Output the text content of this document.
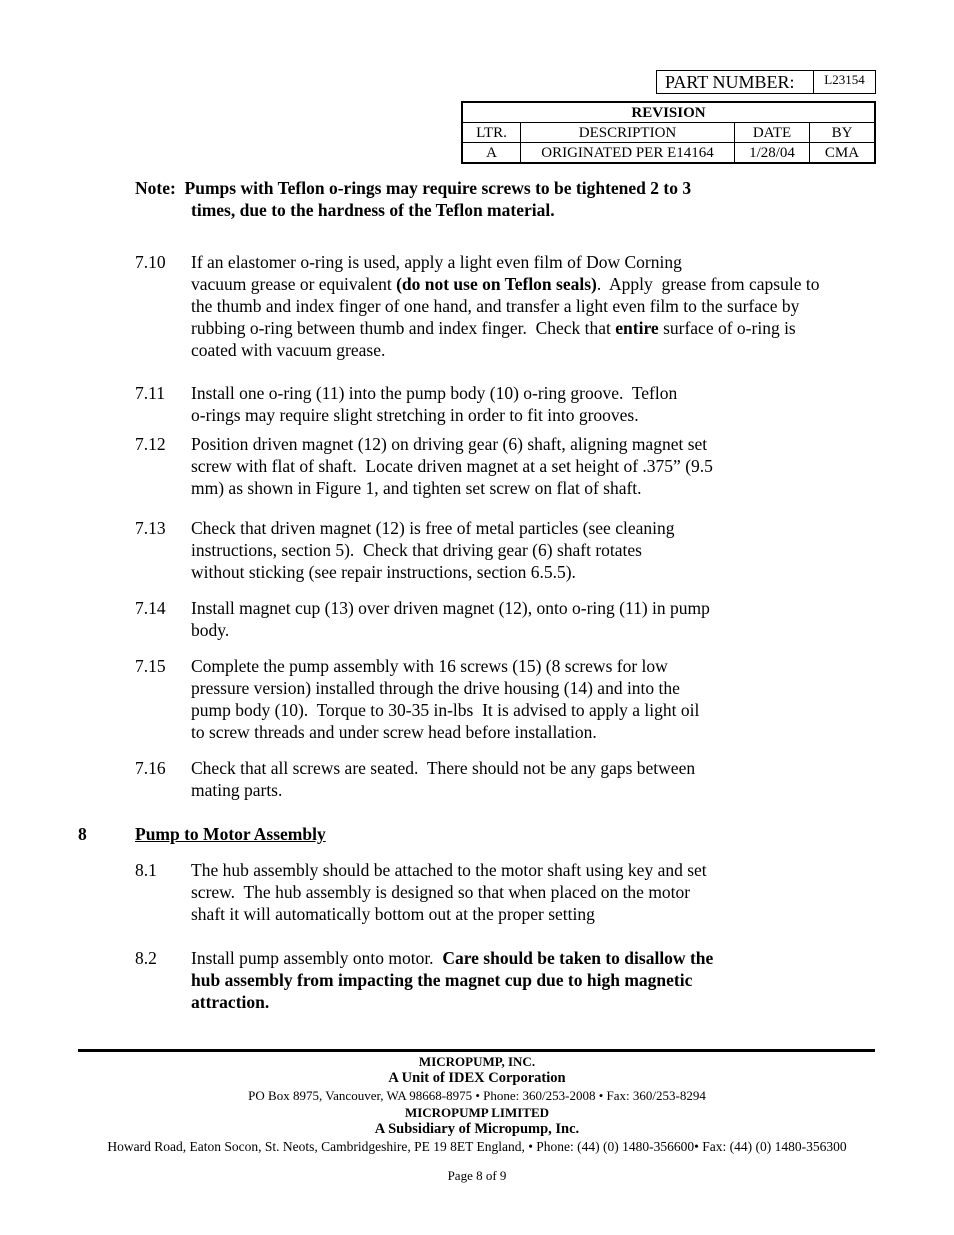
PART NUMBER:	L23154
REVISION			
LTR.	DESCRIPTION	DATE	BY
A	ORIGINATED PER E14164	1/28/04	CMA
Note:  Pumps with Teflon o-rings may require screws to be tightened 2 to 3
times, due to the hardness of the Teflon material.
7.10 If an elastomer o-ring is used, apply a light even film of Dow Corning
vacuum grease or equivalent (do not use on Teflon seals).  Apply  grease from capsule to
the thumb and index finger of one hand, and transfer a light even film to the surface by
rubbing o-ring between thumb and index finger.  Check that entire surface of o-ring is
coated with vacuum grease.
7.11 Install one o-ring (11) into the pump body (10) o-ring groove.  Teflon
o-rings may require slight stretching in order to fit into grooves.
7.12 Position driven magnet (12) on driving gear (6) shaft, aligning magnet set
screw with flat of shaft.  Locate driven magnet at a set height of .375” (9.5
mm) as shown in Figure 1, and tighten set screw on flat of shaft.
7.13 Check that driven magnet (12) is free of metal particles (see cleaning
instructions, section 5).  Check that driving gear (6) shaft rotates
without sticking (see repair instructions, section 6.5.5).
7.14 Install magnet cup (13) over driven magnet (12), onto o-ring (11) in pump
body.
7.15 Complete the pump assembly with 16 screws (15) (8 screws for low
pressure version) installed through the drive housing (14) and into the
pump body (10).  Torque to 30-35 in-lbs  It is advised to apply a light oil
to screw threads and under screw head before installation.
7.16 Check that all screws are seated.  There should not be any gaps between
mating parts.
8	Pump to Motor Assembly
8.1 The hub assembly should be attached to the motor shaft using key and set
screw.  The hub assembly is designed so that when placed on the motor
shaft it will automatically bottom out at the proper setting
8.2 Install pump assembly onto motor.  Care should be taken to disallow the
hub assembly from impacting the magnet cup due to high magnetic
attraction.
MICROPUMP, INC.
A Unit of IDEX Corporation
PO Box 8975, Vancouver, WA 98668-8975 • Phone: 360/253-2008 • Fax: 360/253-8294
MICROPUMP LIMITED
A Subsidiary of Micropump, Inc.
Howard Road, Eaton Socon, St. Neots, Cambridgeshire, PE 19 8ET England, • Phone: (44) (0) 1480-356600• Fax: (44) (0) 1480-356300
Page 8 of 9
